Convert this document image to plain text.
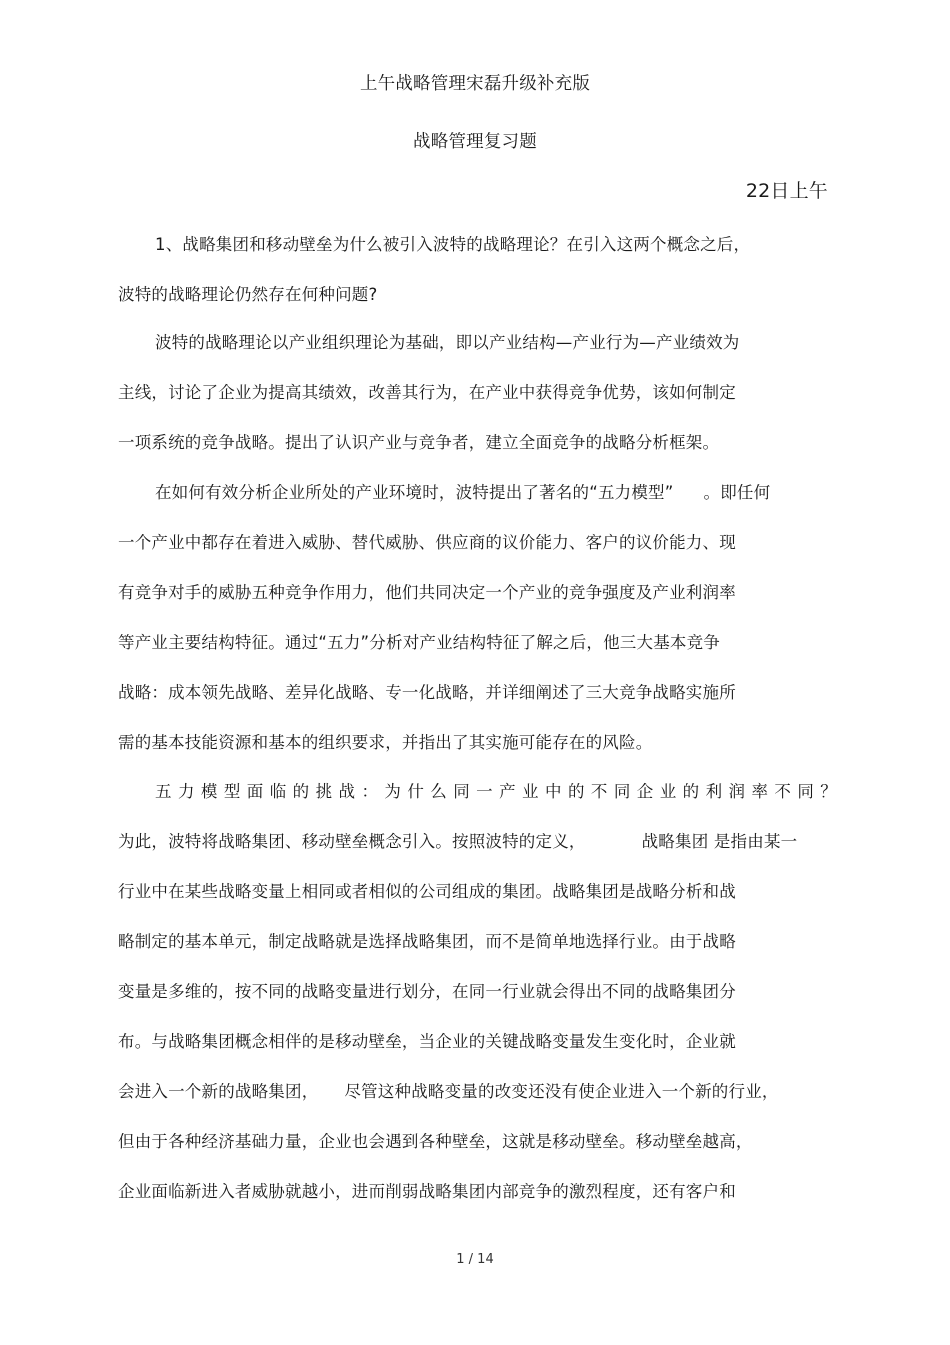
上午战略管理宋磊升级补充版
战略管理复习题
22日上午
1、战略集团和移动壁垒为什么被引入波特的战略理论？在引入这两个概念之后，
波特的战略理论仍然存在何种问题?
波特的战略理论以产业组织理论为基础，即以产业结构—产业行为—产业绩效为
主线，讨论了企业为提高其绩效，改善其行为，在产业中获得竞争优势，该如何制定
一项系统的竞争战略。提出了认识产业与竞争者，建立全面竞争的战略分析框架。
在如何有效分析企业所处的产业环境时，波特提出了著名的“五力模型” 。即任何
一个产业中都存在着进入威胁、替代威胁、供应商的议价能力、客户的议价能力、现
有竞争对手的威胁五种竞争作用力，他们共同决定一个产业的竞争强度及产业利润率
等产业主要结构特征。通过“五力”分析对产业结构特征了解之后，他三大基本竞争
战略：成本领先战略、差异化战略、专一化战略，并详细阐述了三大竞争战略实施所
需的基本技能资源和基本的组织要求，并指出了其实施可能存在的风险。
五力模型面临的挑战：为什么同一产业中的不同企业的利润率不同？
为此，波特将战略集团、移动壁垒概念引入。按照波特的定义，	战略集团 是指由某一
行业中在某些战略变量上相同或者相似的公司组成的集团。战略集团是战略分析和战
略制定的基本单元，制定战略就是选择战略集团，而不是简单地选择行业。由于战略
变量是多维的，按不同的战略变量进行划分，在同一行业就会得出不同的战略集团分
布。与战略集团概念相伴的是移动壁垒，当企业的关键战略变量发生变化时，企业就
会进入一个新的战略集团， 尽管这种战略变量的改变还没有使企业进入一个新的行业，
但由于各种经济基础力量，企业也会遇到各种壁垒，这就是移动壁垒。移动壁垒越高，
企业面临新进入者威胁就越小，进而削弱战略集团内部竞争的激烈程度，还有客户和
1 / 14
